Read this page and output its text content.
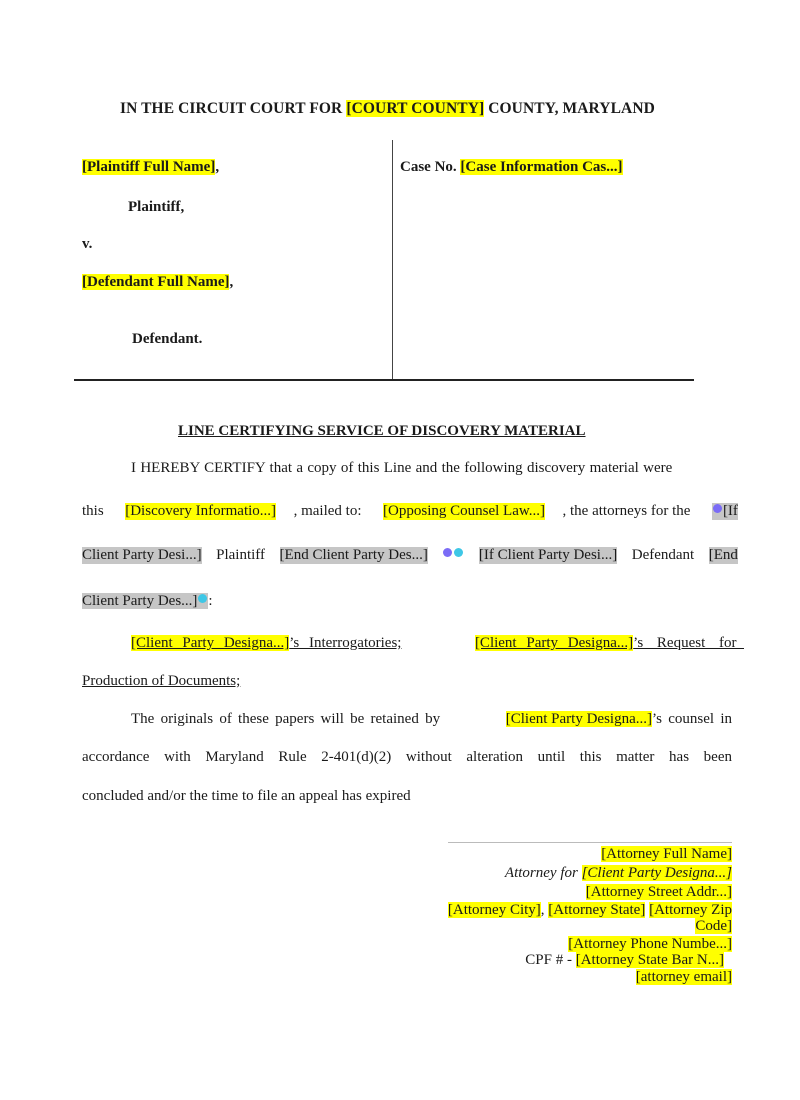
IN THE CIRCUIT COURT FOR [COURT COUNTY] COUNTY, MARYLAND
[Plaintiff Full Name],
Plaintiff,
v.
[Defendant Full Name],
Defendant.
Case No. [Case Information Cas...]
LINE CERTIFYING SERVICE OF DISCOVERY MATERIAL
I HEREBY CERTIFY that a copy of this Line and the following discovery material were
this [Discovery Informatio...] , mailed to: [Opposing Counsel Law...] , the attorneys for the	[If
Client Party Desi...] Plaintiff [End Client Party Des...]	[If Client Party Desi...] Defendant [End
Client Party Des...] :
[Client Party Designa...]’s Interrogatories;	[Client Party Designa...]’s Request for
Production of Documents;
The originals of these papers will be retained by	[Client Party Designa...]’s counsel in
accordance with Maryland Rule 2-401(d)(2) without alteration until this matter has been
concluded and/or the time to file an appeal has expired
[Attorney Full Name]
Attorney for [Client Party Designa...]
[Attorney Street Addr...]
[Attorney City], [Attorney State] [Attorney Zip
Code]
[Attorney Phone Numbe...]
CPF # - [Attorney State Bar N...]
[attorney email]
